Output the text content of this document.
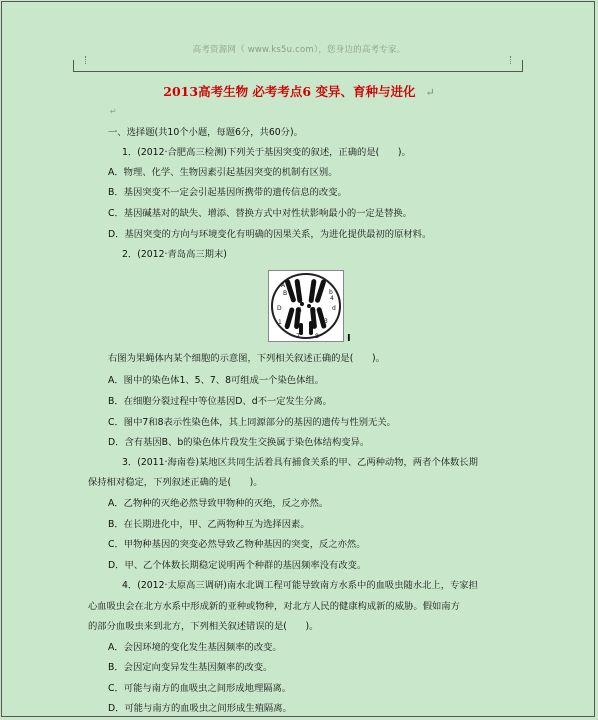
高考资源网（ www.ks5u.com），您身边的高考专家。
2013高考生物 必考考点6 变异、育种与进化 ↵
↵
一、选择题(共10个小题，每题6分，共60分)。
1．(2012·合肥高三检测)下列关于基因突变的叙述，正确的是(　　)。
A．物理、化学、生物因素引起基因突变的机制有区别。
B．基因突变不一定会引起基因所携带的遗传信息的改变。
C．基因碱基对的缺失、增添、替换方式中对性状影响最小的一定是替换。
D．基因突变的方向与环境变化有明确的因果关系，为进化提供最初的原材料。
2．(2012·青岛高三期末)
A
B	b
D	d
1
2
3
4
5 6
7	8	I
右图为果蝇体内某个细胞的示意图，下列相关叙述正确的是(　　)。
A．图中的染色体1、5、7、8可组成一个染色体组。
B．在细胞分裂过程中等位基因D、d不一定发生分离。
C．图中7和8表示性染色体，其上同源部分的基因的遗传与性别无关。
D．含有基因B、b的染色体片段发生交换属于染色体结构变异。
3．(2011·海南卷)某地区共同生活着具有捕食关系的甲、乙两种动物，两者个体数长期
保持相对稳定，下列叙述正确的是(　　)。
A．乙物种的灭绝必然导致甲物种的灭绝，反之亦然。
B．在长期进化中，甲、乙两物种互为选择因素。
C．甲物种基因的突变必然导致乙物种基因的突变，反之亦然。
D．甲、乙个体数长期稳定说明两个种群的基因频率没有改变。
4．(2012·太原高三调研)南水北调工程可能导致南方水系中的血吸虫随水北上，专家担
心血吸虫会在北方水系中形成新的亚种或物种，对北方人民的健康构成新的威胁。假如南方
的部分血吸虫来到北方，下列相关叙述错误的是(　　)。
A．会因环境的变化发生基因频率的改变。
B．会因定向变异发生基因频率的改变。
C．可能与南方的血吸虫之间形成地理隔离。
D．可能与南方的血吸虫之间形成生殖隔离。
